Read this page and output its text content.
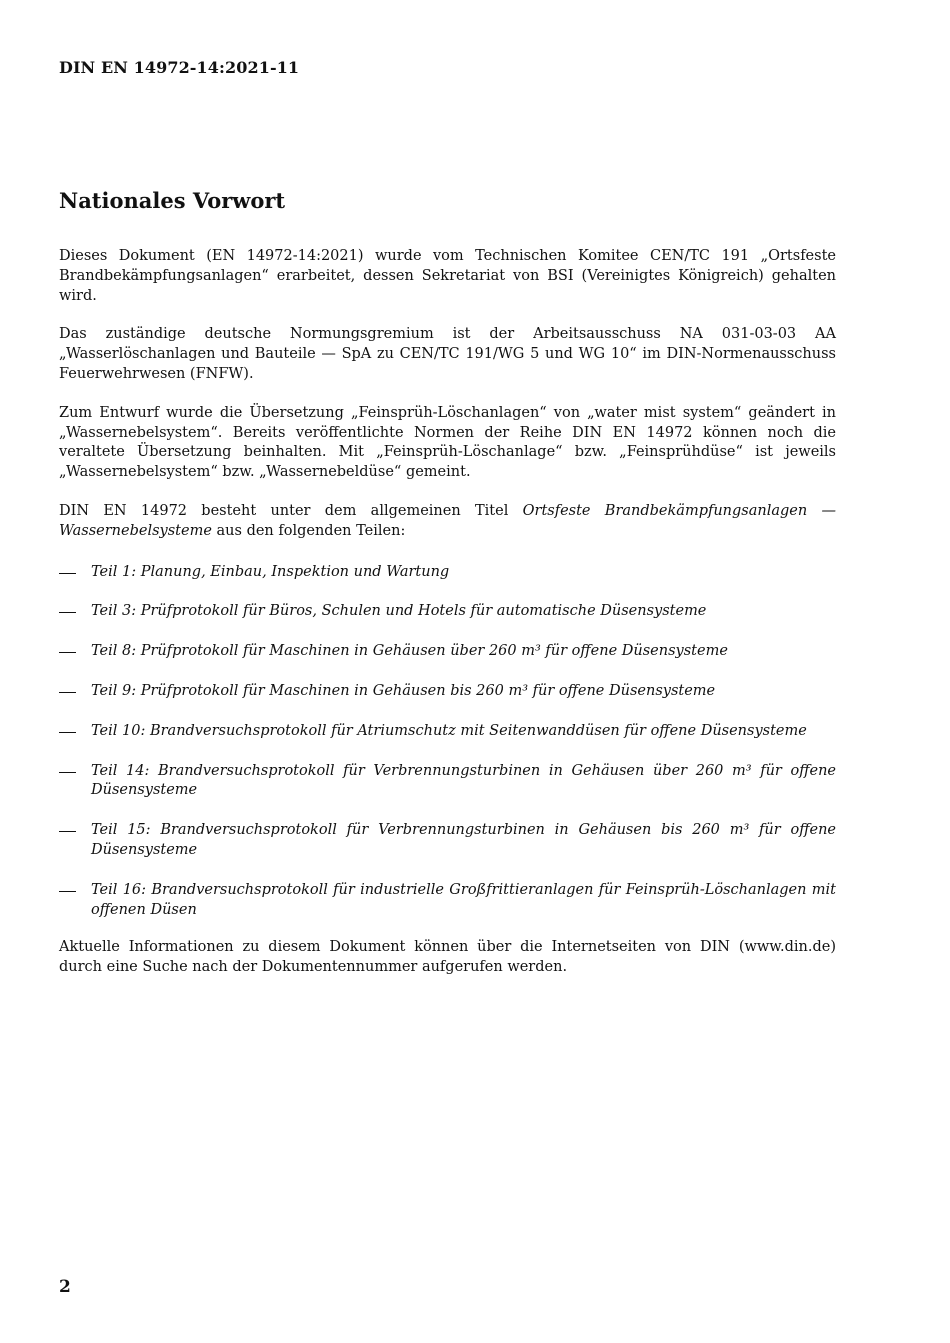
DIN EN 14972-14:2021-11
Nationales Vorwort

Dieses Dokument (EN 14972-14:2021) wurde vom Technischen Komitee CEN/TC 191 „Ortsfeste Brandbekämpfungsanlagen“ erarbeitet, dessen Sekretariat von BSI (Vereinigtes Königreich) gehalten wird.

Das zuständige deutsche Normungsgremium ist der Arbeitsausschuss NA 031-03-03 AA „Wasserlöschanlagen und Bauteile — SpA zu CEN/TC 191/WG 5 und WG 10“ im DIN-Normenausschuss Feuerwehrwesen (FNFW).

Zum Entwurf wurde die Übersetzung „Feinsprüh-Löschanlagen“ von „water mist system“ geändert in „Wassernebelsystem“. Bereits veröffentlichte Normen der Reihe DIN EN 14972 können noch die veraltete Übersetzung beinhalten. Mit „Feinsprüh-Löschanlage“ bzw. „Feinsprühdüse“ ist jeweils „Wassernebelsystem“ bzw. „Wassernebeldüse“ gemeint.

DIN EN 14972 besteht unter dem allgemeinen Titel Ortsfeste Brandbekämpfungsanlagen — Wassernebelsysteme aus den folgenden Teilen:

Teil 1: Planung, Einbau, Inspektion und Wartung
Teil 3: Prüfprotokoll für Büros, Schulen und Hotels für automatische Düsensysteme
Teil 8: Prüfprotokoll für Maschinen in Gehäusen über 260 m³ für offene Düsensysteme
Teil 9: Prüfprotokoll für Maschinen in Gehäusen bis 260 m³ für offene Düsensysteme
Teil 10: Brandversuchsprotokoll für Atriumschutz mit Seitenwanddüsen für offene Düsensysteme
Teil 14: Brandversuchsprotokoll für Verbrennungsturbinen in Gehäusen über 260 m³ für offene Düsensysteme
Teil 15: Brandversuchsprotokoll für Verbrennungsturbinen in Gehäusen bis 260 m³ für offene Düsensysteme
Teil 16: Brandversuchsprotokoll für industrielle Großfrittieranlagen für Feinsprüh-Löschanlagen mit offenen Düsen

Aktuelle Informationen zu diesem Dokument können über die Internetseiten von DIN (www.din.de) durch eine Suche nach der Dokumentennummer aufgerufen werden.

2
